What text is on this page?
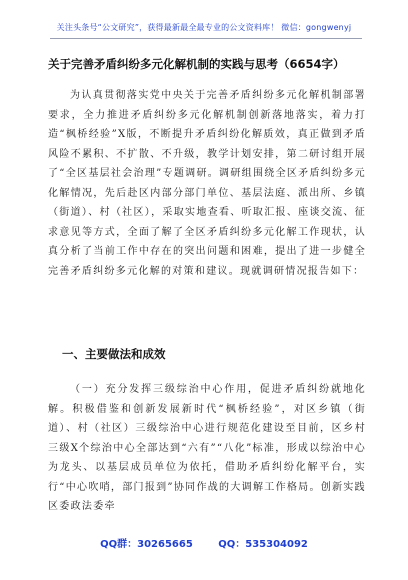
关注头条号“公文研究”，获得最新最全最专业的公文资料库！ 微信：gongwenyj
关于完善矛盾纠纷多元化解机制的实践与思考（6654字）

为认真贯彻落实党中央关于完善矛盾纠纷多元化解机制部署要求，全力推进矛盾纠纷多元化解机制创新落地落实，着力打造“枫桥经验”X版，不断提升矛盾纠纷化解质效，真正做到矛盾风险不累积、不扩散、不升级，教学计划安排，第二研讨组开展了“全区基层社会治理”专题调研。调研组围绕全区矛盾纠纷多元化解情况，先后赴区内部分部门单位、基层法庭、派出所、乡镇（街道）、村（社区），采取实地查看、听取汇报、座谈交流、征求意见等方式，全面了解了全区矛盾纠纷多元化解工作现状，认真分析了当前工作中存在的突出问题和困难，提出了进一步健全完善矛盾纠纷多元化解的对策和建议。现就调研情况报告如下：

一、主要做法和成效

（一）充分发挥三级综治中心作用，促进矛盾纠纷就地化解。积极借鉴和创新发展新时代“枫桥经验”，对区乡镇（街道）、村（社区）三级综治中心进行规范化建设至目前，区乡村三级X个综治中心全部达到“六有”“八化”标准，形成以综治中心为龙头、以基层成员单位为依托，借助矛盾纠纷化解平台，实行“中心吹哨，部门报到”协同作战的大调解工作格局。创新实践区委政法委牵

QQ群：30265665	QQ：535304092
